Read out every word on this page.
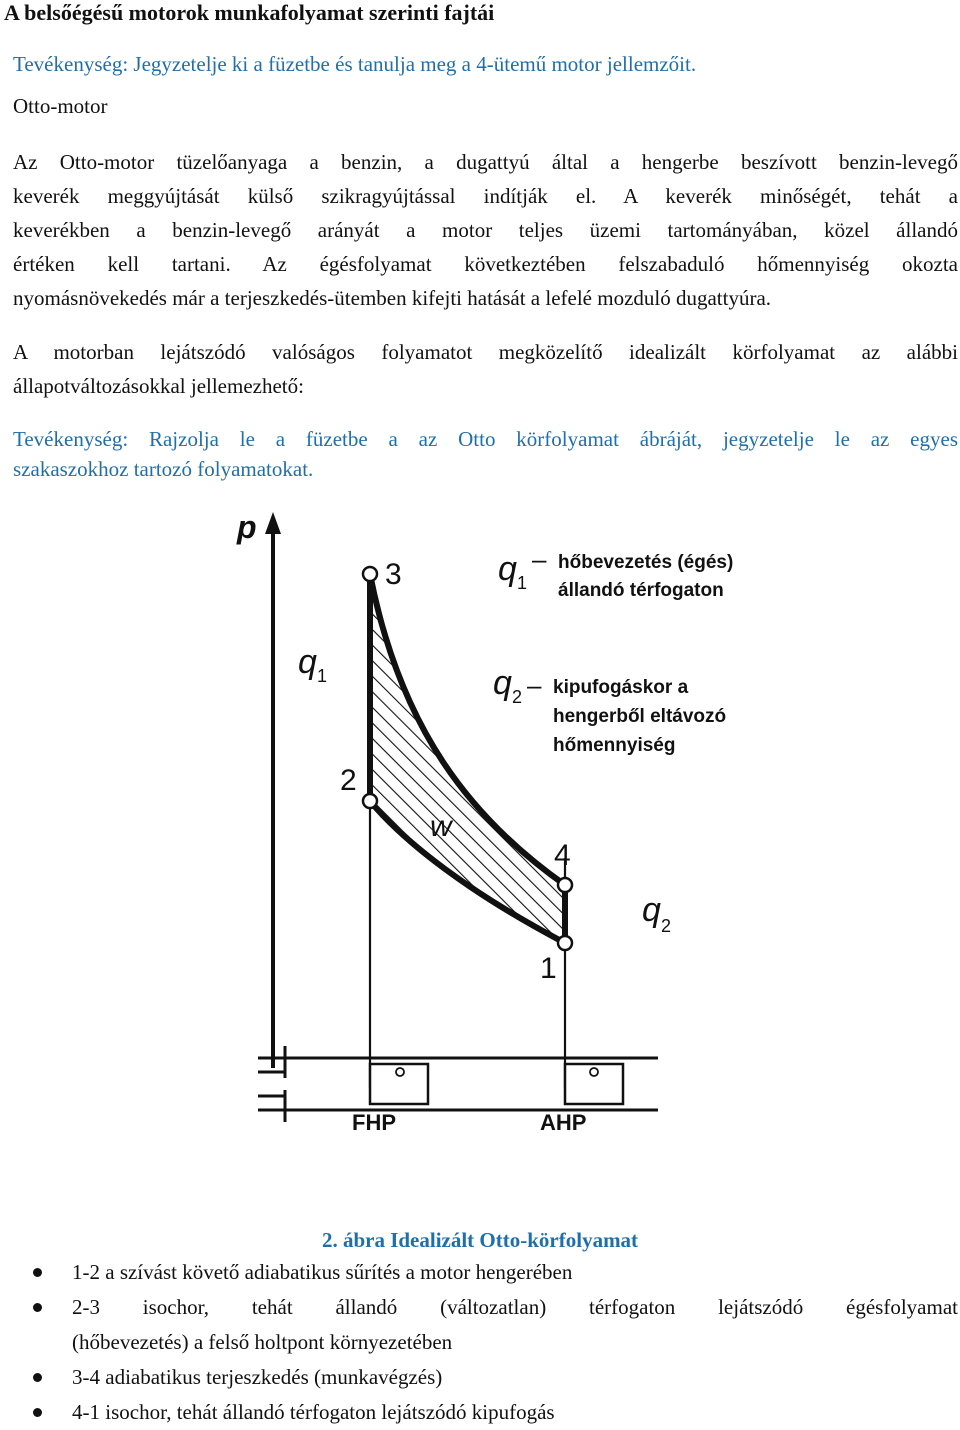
A belsőégésű motorok munkafolyamat szerinti fajtái
Tevékenység: Jegyzetelje ki a füzetbe és tanulja meg a 4-ütemű motor jellemzőit.
Otto-motor
Az Otto-motor tüzelőanyaga a benzin, a dugattyú által a hengerbe beszívott benzin-levegő
keverék meggyújtását külső szikragyújtással indítják el. A keverék minőségét, tehát a
keverékben a benzin-levegő arányát a motor teljes üzemi tartományában, közel állandó
értéken kell tartani. Az égésfolyamat következtében felszabaduló hőmennyiség okozta
nyomásnövekedés már a terjeszkedés-ütemben kifejti hatását a lefelé mozduló dugattyúra.
A motorban lejátszódó valóságos folyamatot megközelítő idealizált körfolyamat az alábbi
állapotváltozásokkal jellemezhető:
Tevékenység: Rajzolja le a füzetbe a az Otto körfolyamat ábráját, jegyzetelje le az egyes
szakaszokhoz tartozó folyamatokat.
p
3
2
4
1
w
q 1
q 2
q 1
– hőbevezetés (égés)
állandó térfogaton
q 2 – kipufogáskor a
hengerből eltávozó
hőmennyiség
FHP	AHP
2. ábra Idealizált Otto-körfolyamat
1-2 a szívást követő adiabatikus sűrítés a motor hengerében
2-3 isochor, tehát állandó (változatlan) térfogaton lejátszódó égésfolyamat
(hőbevezetés) a felső holtpont környezetében
3-4 adiabatikus terjeszkedés (munkavégzés)
4-1 isochor, tehát állandó térfogaton lejátszódó kipufogás
